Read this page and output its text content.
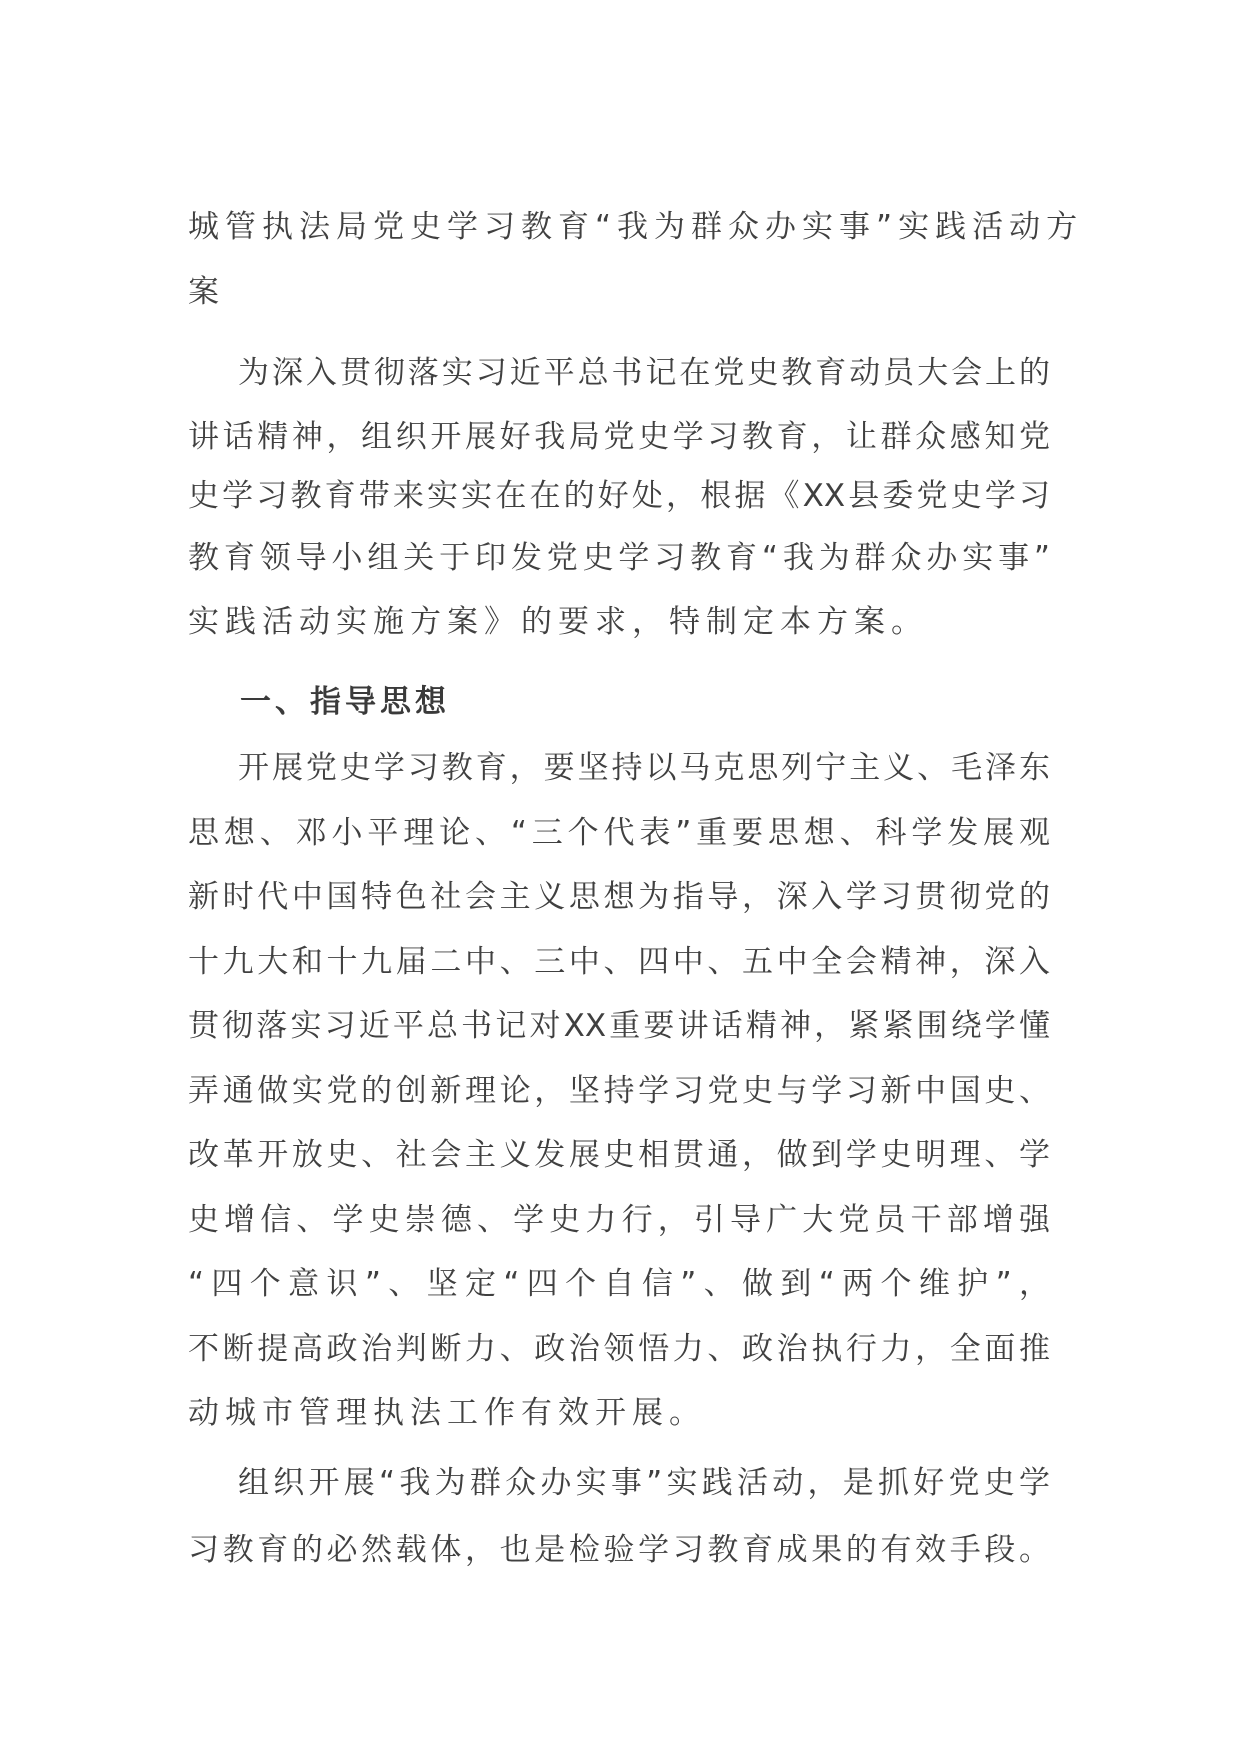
城管执法局党史学习教育“我为群众办实事”实践活动方
案
为深入贯彻落实习近平总书记在党史教育动员大会上的
讲话精神，组织开展好我局党史学习教育，让群众感知党
史学习教育带来实实在在的好处，根据《XX县委党史学习
教育领导小组关于印发党史学习教育“我为群众办实事”
实践活动实施方案》的要求，特制定本方案。
一、指导思想
开展党史学习教育，要坚持以马克思列宁主义、毛泽东
思想、邓小平理论、“三个代表”重要思想、科学发展观
新时代中国特色社会主义思想为指导，深入学习贯彻党的
十九大和十九届二中、三中、四中、五中全会精神，深入
贯彻落实习近平总书记对XX重要讲话精神，紧紧围绕学懂
弄通做实党的创新理论，坚持学习党史与学习新中国史、
改革开放史、社会主义发展史相贯通，做到学史明理、学
史增信、学史崇德、学史力行，引导广大党员干部增强
“四个意识”、坚定“四个自信”、做到“两个维护”，
不断提高政治判断力、政治领悟力、政治执行力，全面推
动城市管理执法工作有效开展。
组织开展“我为群众办实事”实践活动，是抓好党史学
习教育的必然载体，也是检验学习教育成果的有效手段。
